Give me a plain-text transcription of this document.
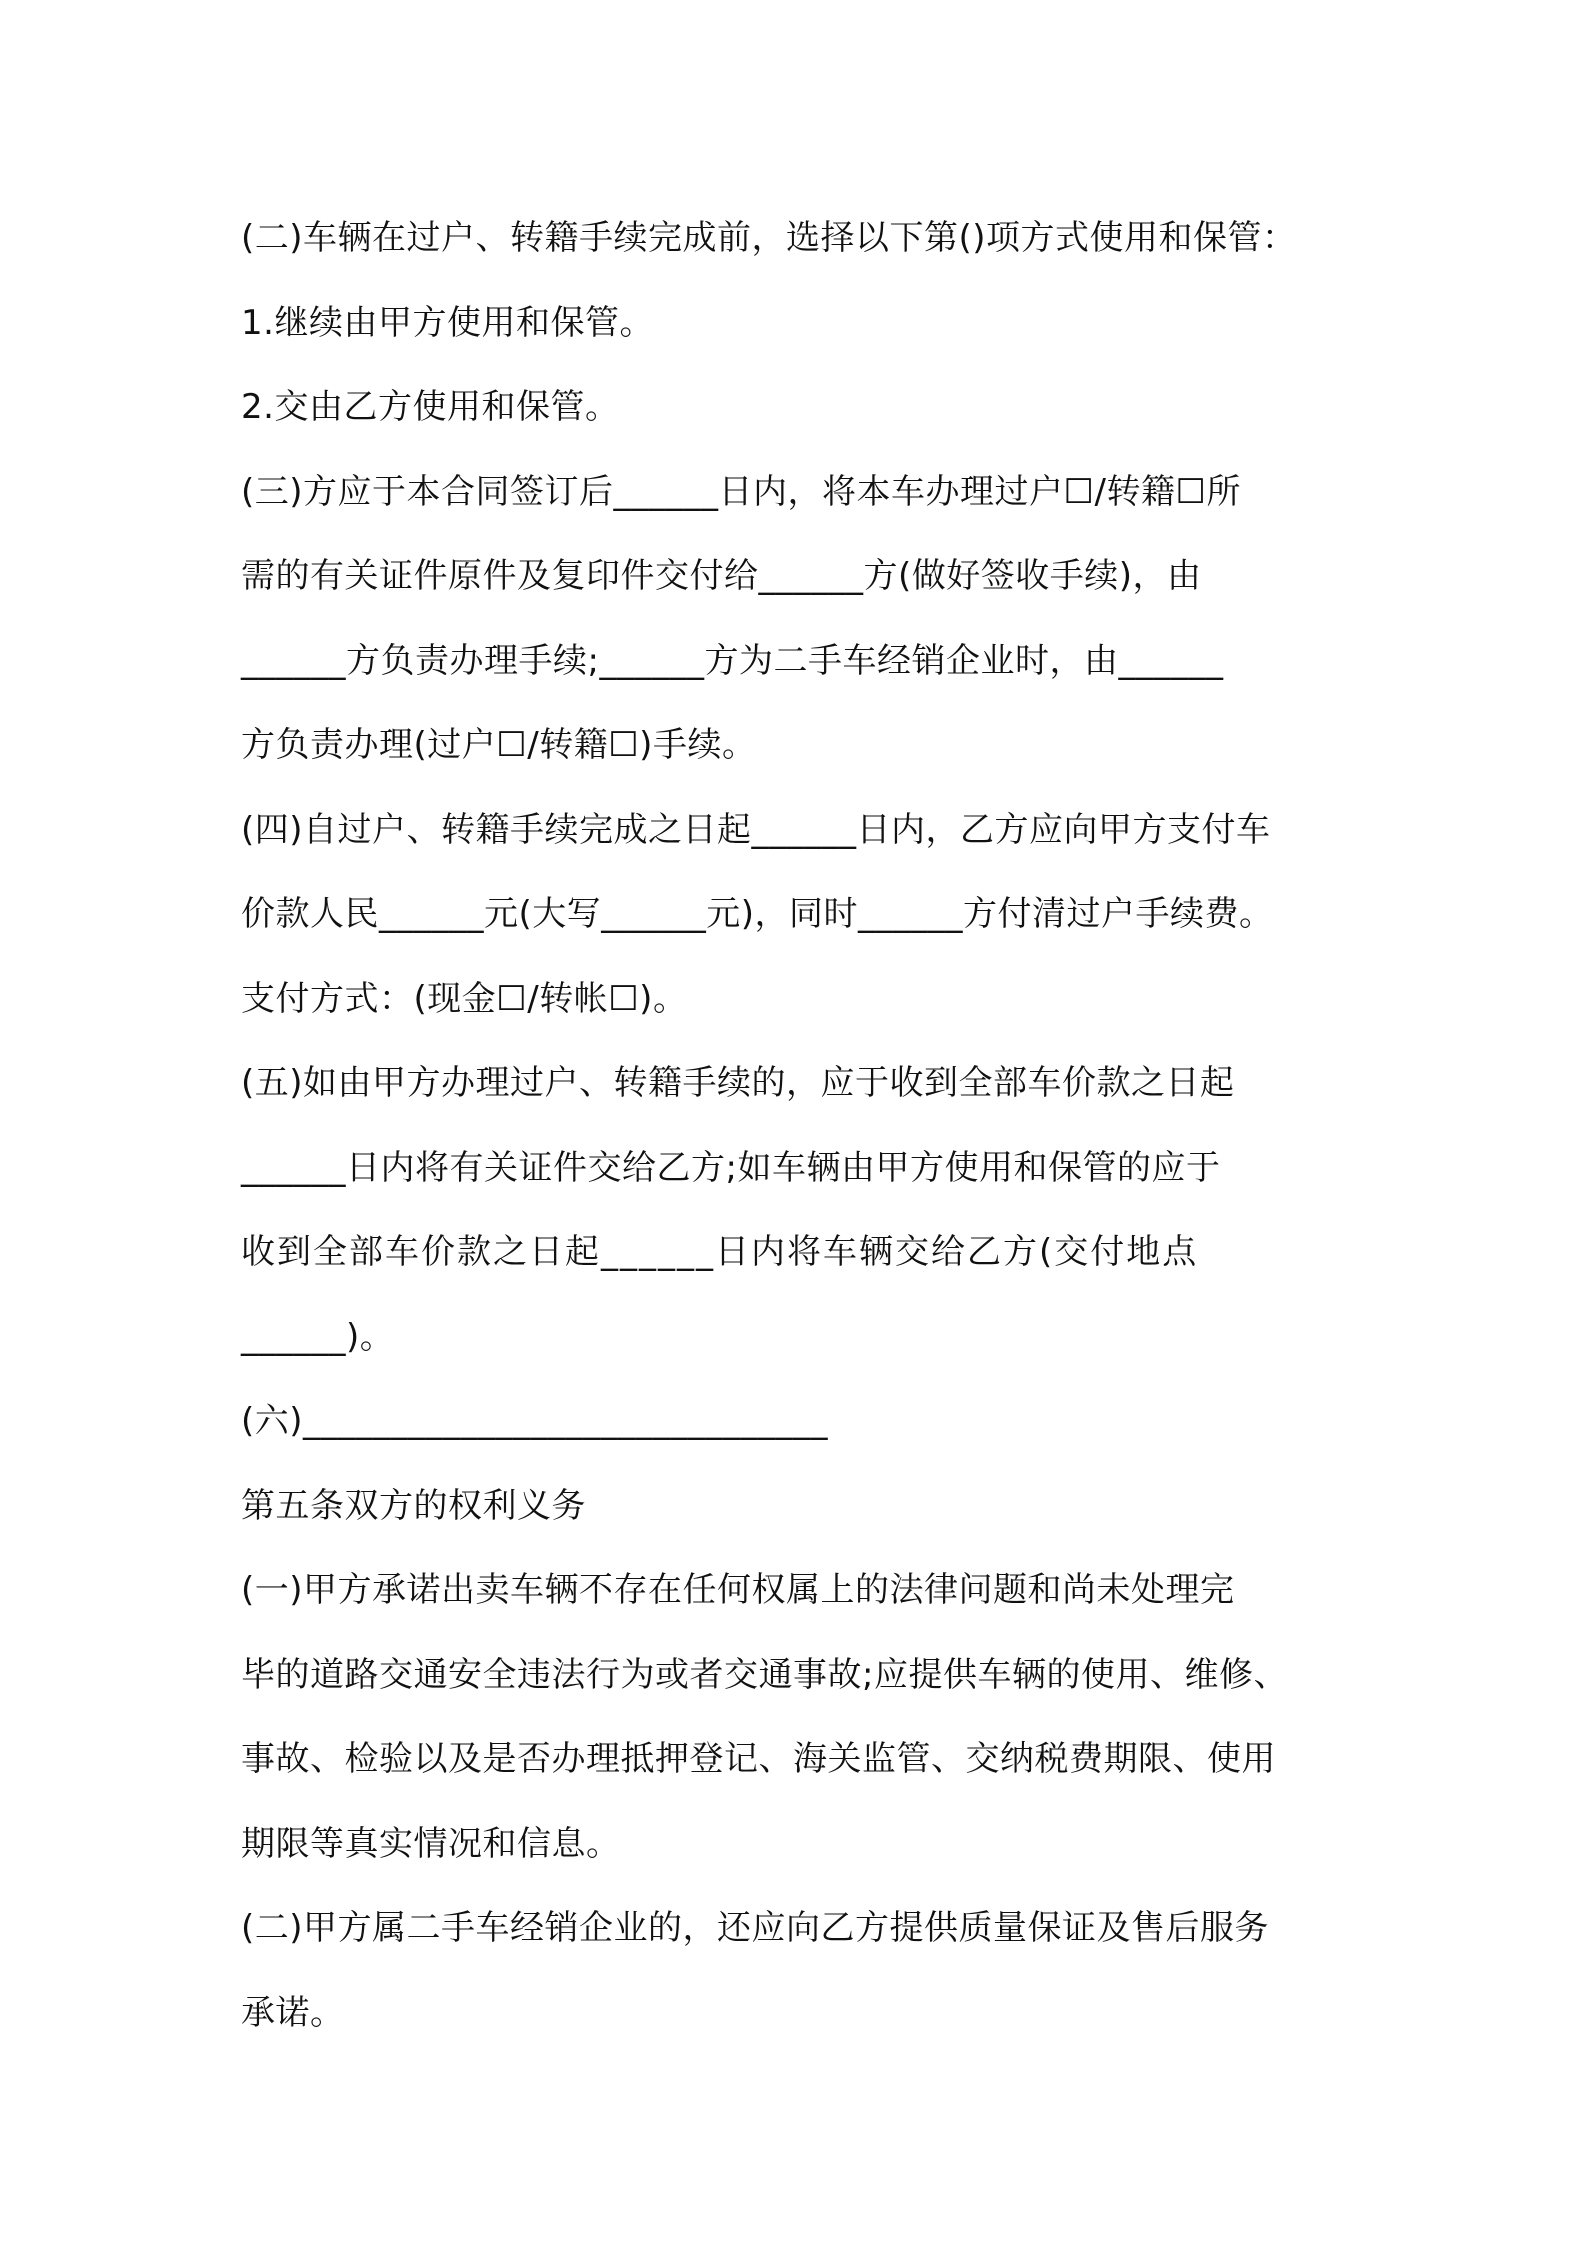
(二)车辆在过户、转籍手续完成前，选择以下第()项方式使用和保管：
1.继续由甲方使用和保管。
2.交由乙方使用和保管。
(三)方应于本合同签订后______日内，将本车办理过户☐/转籍☐所
需的有关证件原件及复印件交付给______方(做好签收手续)，由
______方负责办理手续;______方为二手车经销企业时，由______
方负责办理(过户☐/转籍☐)手续。
(四)自过户、转籍手续完成之日起______日内，乙方应向甲方支付车
价款人民______元(大写______元)，同时______方付清过户手续费。
支付方式：(现金☐/转帐☐)。
(五)如由甲方办理过户、转籍手续的，应于收到全部车价款之日起
______日内将有关证件交给乙方;如车辆由甲方使用和保管的应于
收到全部车价款之日起______日内将车辆交给乙方(交付地点
______)。
(六)______________________________
第五条双方的权利义务
(一)甲方承诺出卖车辆不存在任何权属上的法律问题和尚未处理完
毕的道路交通安全违法行为或者交通事故;应提供车辆的使用、维修、
事故、检验以及是否办理抵押登记、海关监管、交纳税费期限、使用
期限等真实情况和信息。
(二)甲方属二手车经销企业的，还应向乙方提供质量保证及售后服务
承诺。
